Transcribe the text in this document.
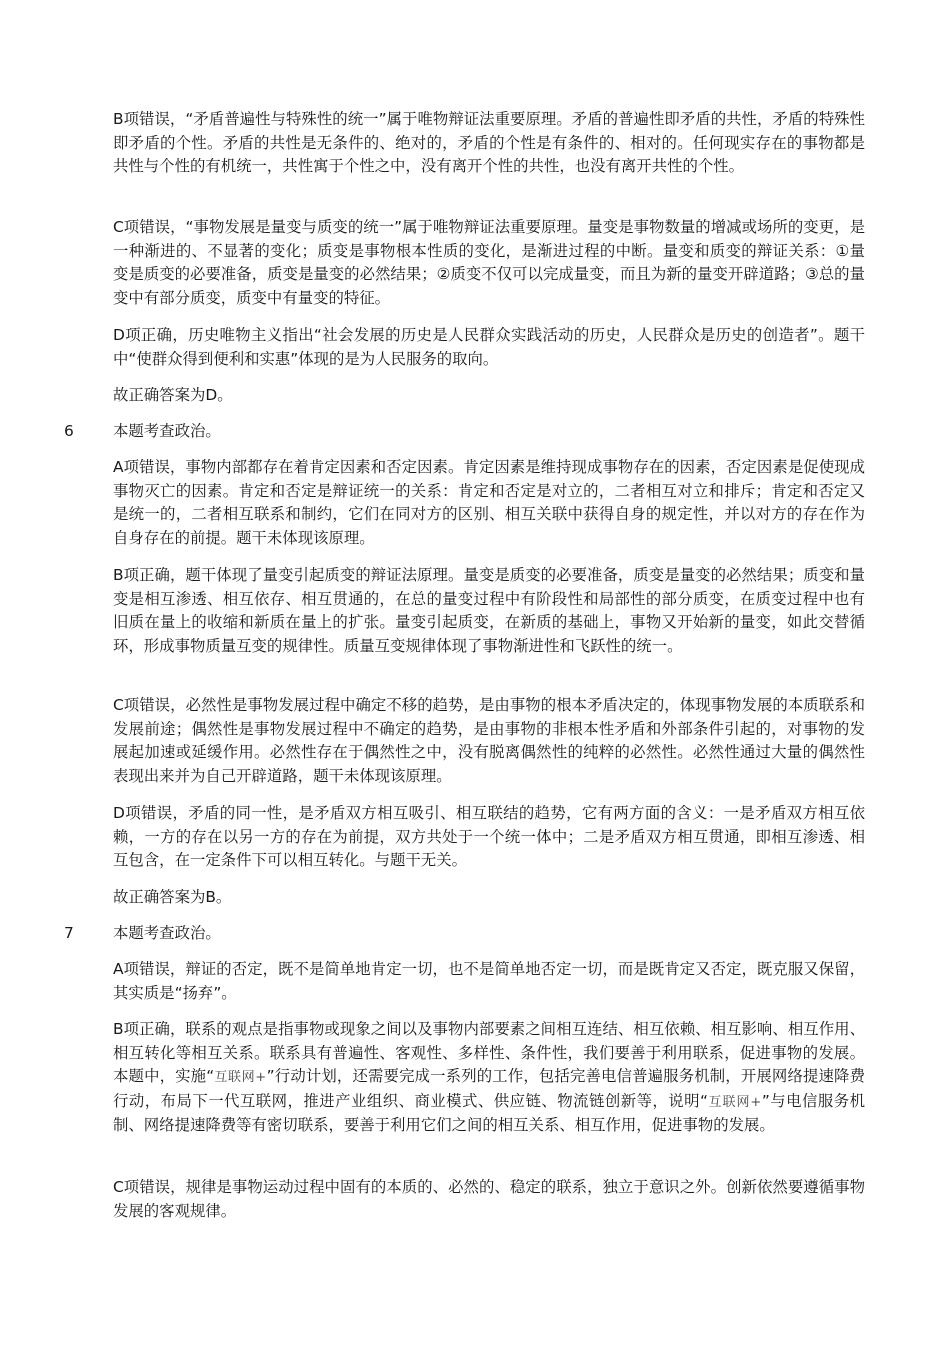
B项错误，“矛盾普遍性与特殊性的统一”属于唯物辩证法重要原理。矛盾的普遍性即矛盾的共性，矛盾的特殊性即矛盾的个性。矛盾的共性是无条件的、绝对的，矛盾的个性是有条件的、相对的。任何现实存在的事物都是共性与个性的有机统一，共性寓于个性之中，没有离开个性的共性，也没有离开共性的个性。

C项错误，“事物发展是量变与质变的统一”属于唯物辩证法重要原理。量变是事物数量的增减或场所的变更，是一种渐进的、不显著的变化；质变是事物根本性质的变化，是渐进过程的中断。量变和质变的辩证关系：①量变是质变的必要准备，质变是量变的必然结果；②质变不仅可以完成量变，而且为新的量变开辟道路；③总的量变中有部分质变，质变中有量变的特征。

D项正确，历史唯物主义指出“社会发展的历史是人民群众实践活动的历史，人民群众是历史的创造者”。题干中“使群众得到便利和实惠”体现的是为人民服务的取向。

故正确答案为D。

6	本题考查政治。

A项错误，事物内部都存在着肯定因素和否定因素。肯定因素是维持现成事物存在的因素，否定因素是促使现成事物灭亡的因素。肯定和否定是辩证统一的关系：肯定和否定是对立的，二者相互对立和排斥；肯定和否定又是统一的，二者相互联系和制约，它们在同对方的区别、相互关联中获得自身的规定性，并以对方的存在作为自身存在的前提。题干未体现该原理。

B项正确，题干体现了量变引起质变的辩证法原理。量变是质变的必要准备，质变是量变的必然结果；质变和量变是相互渗透、相互依存、相互贯通的，在总的量变过程中有阶段性和局部性的部分质变，在质变过程中也有旧质在量上的收缩和新质在量上的扩张。量变引起质变，在新质的基础上，事物又开始新的量变，如此交替循环，形成事物质量互变的规律性。质量互变规律体现了事物渐进性和飞跃性的统一。

C项错误，必然性是事物发展过程中确定不移的趋势，是由事物的根本矛盾决定的，体现事物发展的本质联系和发展前途；偶然性是事物发展过程中不确定的趋势，是由事物的非根本性矛盾和外部条件引起的，对事物的发展起加速或延缓作用。必然性存在于偶然性之中，没有脱离偶然性的纯粹的必然性。必然性通过大量的偶然性表现出来并为自己开辟道路，题干未体现该原理。

D项错误，矛盾的同一性，是矛盾双方相互吸引、相互联结的趋势，它有两方面的含义：一是矛盾双方相互依赖，一方的存在以另一方的存在为前提，双方共处于一个统一体中；二是矛盾双方相互贯通，即相互渗透、相互包含，在一定条件下可以相互转化。与题干无关。

故正确答案为B。

7	本题考查政治。

A项错误，辩证的否定，既不是简单地肯定一切，也不是简单地否定一切，而是既肯定又否定，既克服又保留，其实质是“扬弃”。

B项正确，联系的观点是指事物或现象之间以及事物内部要素之间相互连结、相互依赖、相互影响、相互作用、相互转化等相互关系。联系具有普遍性、客观性、多样性、条件性，我们要善于利用联系，促进事物的发展。本题中，实施“互联网+”行动计划，还需要完成一系列的工作，包括完善电信普遍服务机制，开展网络提速降费行动，布局下一代互联网，推进产业组织、商业模式、供应链、物流链创新等，说明“互联网+”与电信服务机制、网络提速降费等有密切联系，要善于利用它们之间的相互关系、相互作用，促进事物的发展。

C项错误，规律是事物运动过程中固有的本质的、必然的、稳定的联系，独立于意识之外。创新依然要遵循事物发展的客观规律。
